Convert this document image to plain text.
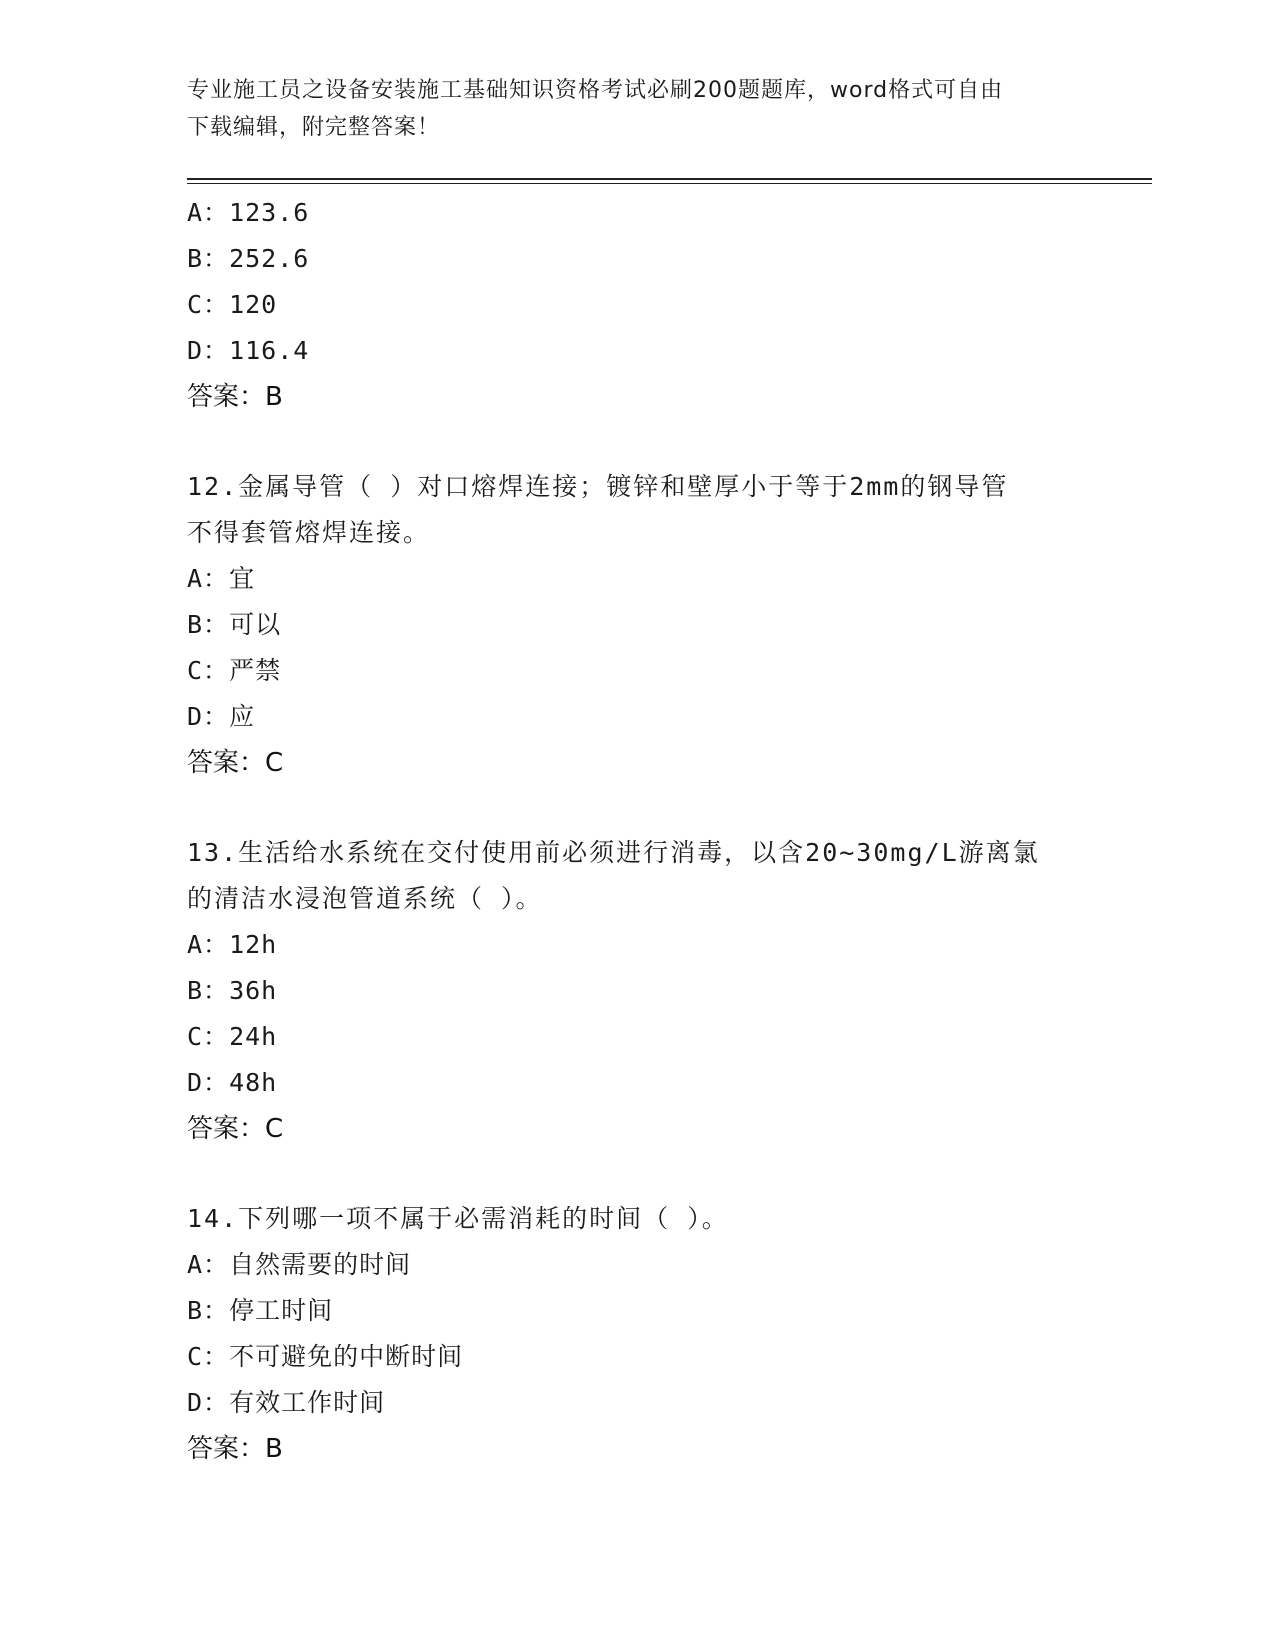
专业施工员之设备安装施工基础知识资格考试必刷200题题库，word格式可自由
下载编辑，附完整答案！
A：123.6
B：252.6
C：120
D：116.4
答案：B
12.金属导管（ ）对口熔焊连接；镀锌和壁厚小于等于2mm的钢导管
不得套管熔焊连接。
A：宜
B：可以
C：严禁
D：应
答案：C
13.生活给水系统在交付使用前必须进行消毒，以含20~30mg/L游离氯
的清洁水浸泡管道系统（ ）。
A：12h
B：36h
C：24h
D：48h
答案：C
14.下列哪一项不属于必需消耗的时间（ ）。
A：自然需要的时间
B：停工时间
C：不可避免的中断时间
D：有效工作时间
答案：B
